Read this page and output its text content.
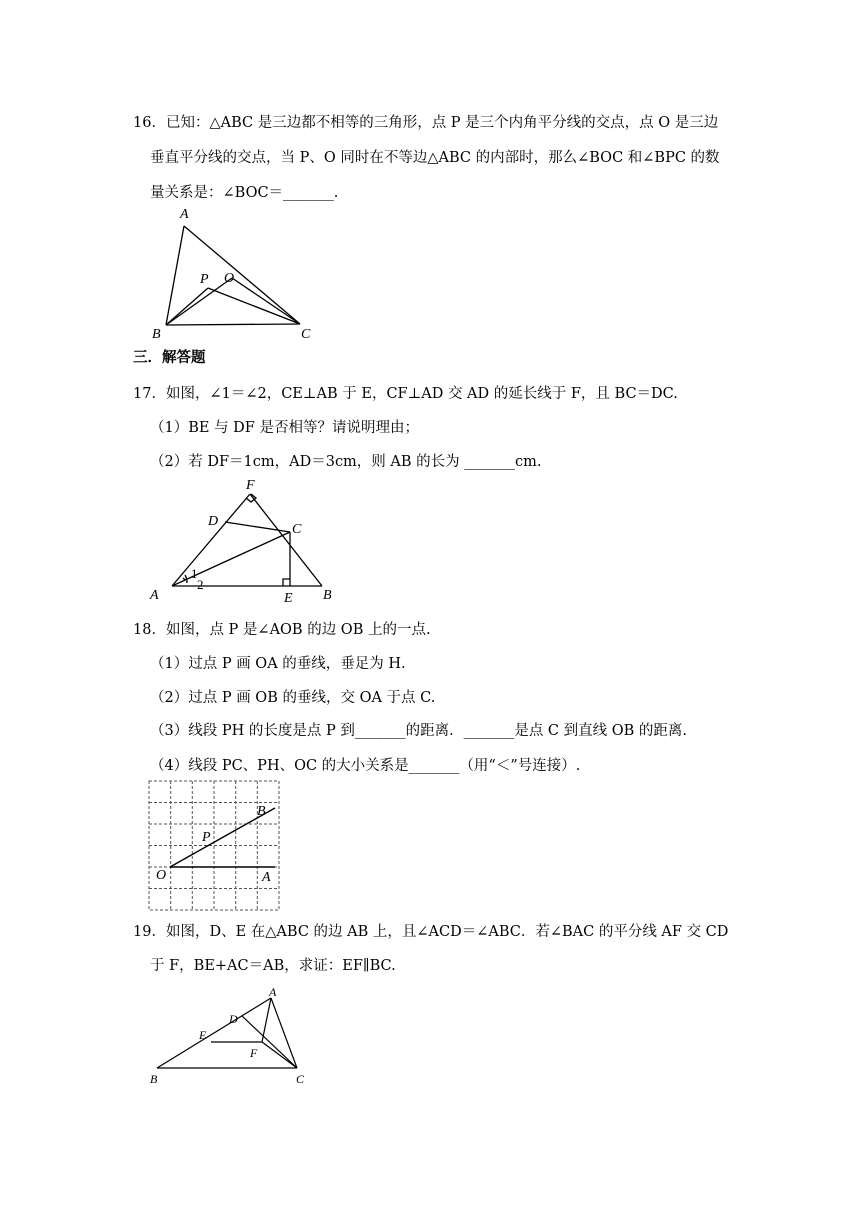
16．已知：△ABC 是三边都不相等的三角形，点 P 是三个内角平分线的交点，点 O 是三边
垂直平分线的交点，当 P、O 同时在不等边△ABC 的内部时，那么∠BOC 和∠BPC 的数
量关系是：∠BOC＝_______.
A
B	C
P O
三．解答题
17．如图，∠1＝∠2，CE⊥AB 于 E，CF⊥AD 交 AD 的延长线于 F，且 BC＝DC.
（1）BE 与 DF 是否相等？请说明理由；
（2）若 DF＝1cm，AD＝3cm，则 AB 的长为 _______cm.
F
D
C
A	E B
1
2
18．如图，点 P 是∠AOB 的边 OB 上的一点.
（1）过点 P 画 OA 的垂线，垂足为 H.
（2）过点 P 画 OB 的垂线，交 OA 于点 C.
（3）线段 PH 的长度是点 P 到_______的距离．_______是点 C 到直线 OB 的距离.
（4）线段 PC、PH、OC 的大小关系是_______（用“＜”号连接）.
B
P
O	A
19．如图，D、E 在△ABC 的边 AB 上，且∠ACD＝∠ABC．若∠BAC 的平分线 AF 交 CD
于 F，BE+AC＝AB，求证：EF∥BC.
A
D
E
F
B	C
